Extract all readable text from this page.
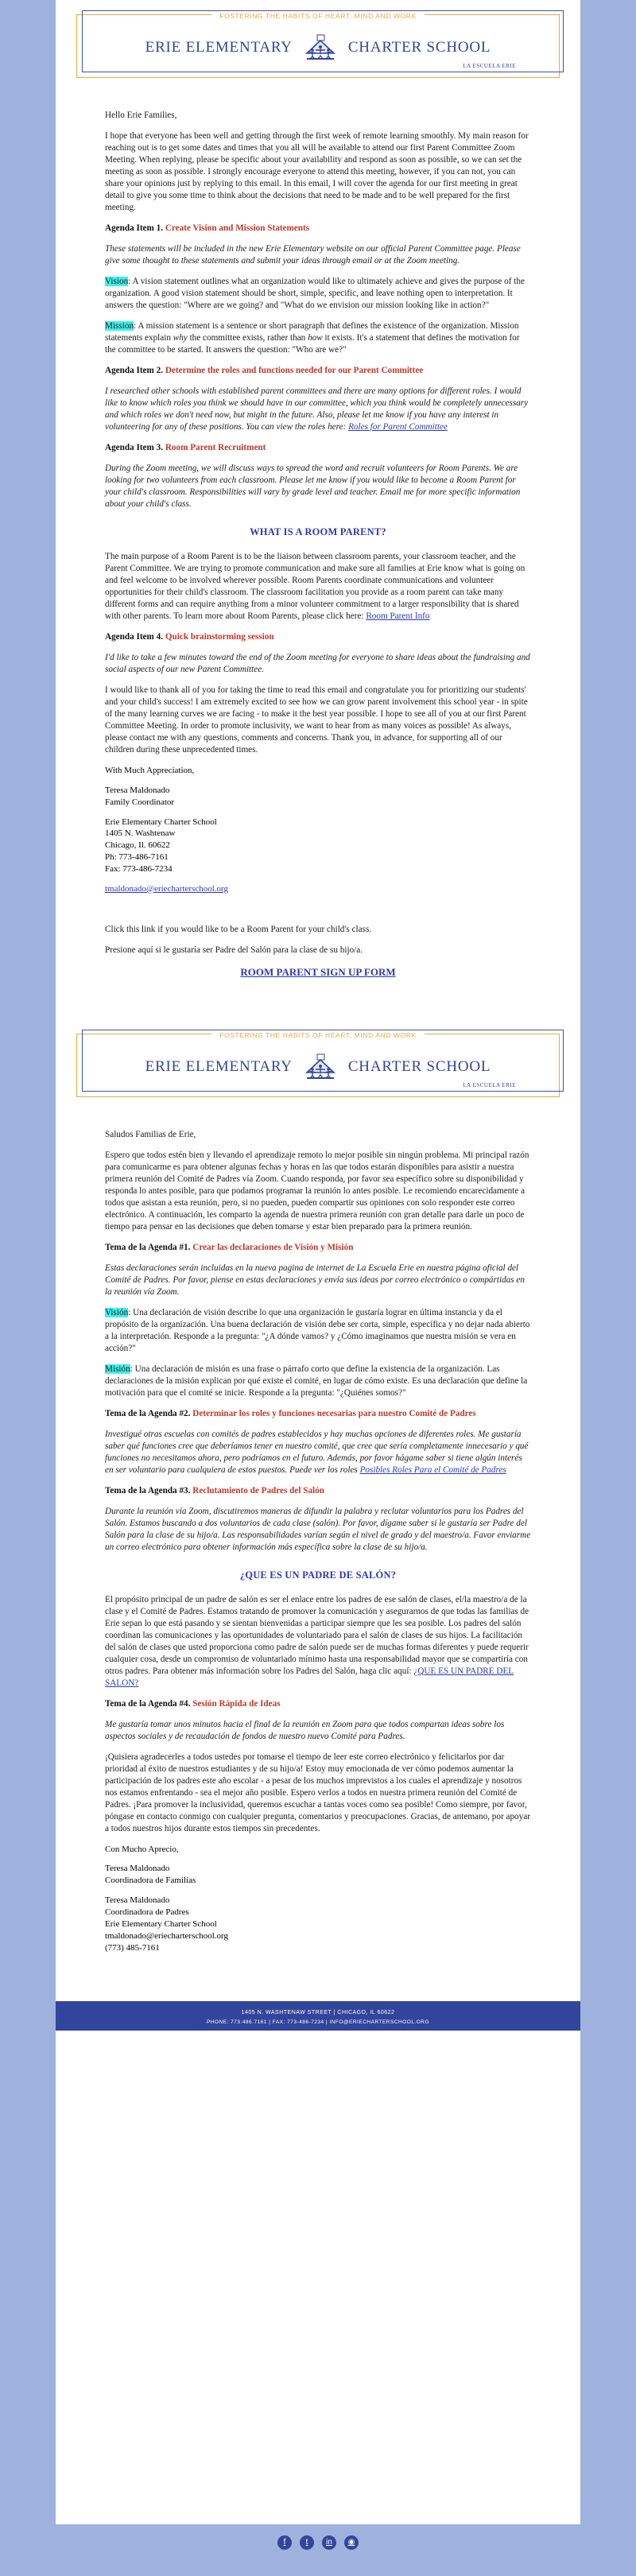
FOSTERING THE HABITS OF HEART, MIND AND WORK
ERIE ELEMENTARY	CHARTER SCHOOL
LA ESCUELA ERIE

Hello Erie Families,

I hope that everyone has been well and getting through the first week of remote learning smoothly. My main reason for reaching out is to get some dates and times that you all will be available to attend our first Parent Committee Zoom Meeting. When replying, please be specific about your availability and respond as soon as possible, so we can set the meeting as soon as possible. I strongly encourage everyone to attend this meeting, however, if you can not, you can share your opinions just by replying to this email. In this email, I will cover the agenda for our first meeting in great detail to give you some time to think about the decisions that need to be made and to be well prepared for the first meeting.

Agenda Item 1. Create Vision and Mission Statements

These statements will be included in the new Erie Elementary website on our official Parent Committee page. Please give some thought to these statements and submit your ideas through email or at the Zoom meeting.

Vision: A vision statement outlines what an organization would like to ultimately achieve and gives the purpose of the organization. A good vision statement should be short, simple, specific, and leave nothing open to interpretation. It answers the question: "Where are we going? and "What do we envision our mission looking like in action?"

Mission: A mission statement is a sentence or short paragraph that defines the existence of the organization. Mission statements explain why the committee exists, rather than how it exists. It's a statement that defines the motivation for the committee to be started. It answers the question: "Who are we?"

Agenda Item 2. Determine the roles and functions needed for our Parent Committee

I researched other schools with established parent committees and there are many options for different roles. I would like to know which roles you think we should have in our committee, which you think would be completely unnecessary and which roles we don't need now, but might in the future. Also, please let me know if you have any interest in volunteering for any of these positions. You can view the roles here: Roles for Parent Committee

Agenda Item 3. Room Parent Recruitment

During the Zoom meeting, we will discuss ways to spread the word and recruit volunteers for Room Parents. We are looking for two volunteers from each classroom. Please let me know if you would like to become a Room Parent for your child's classroom. Responsibilities will vary by grade level and teacher. Email me for more specific information about your child's class.

WHAT IS A ROOM PARENT?

The main purpose of a Room Parent is to be the liaison between classroom parents, your classroom teacher, and the Parent Committee. We are trying to promote communication and make sure all families at Erie know what is going on and feel welcome to be involved wherever possible. Room Parents coordinate communications and volunteer opportunities for their child's classroom. The classroom facilitation you provide as a room parent can take many different forms and can require anything from a minor volunteer commitment to a larger responsibility that is shared with other parents. To learn more about Room Parents, please click here: Room Parent Info

Agenda Item 4. Quick brainstorming session

I'd like to take a few minutes toward the end of the Zoom meeting for everyone to share ideas about the fundraising and social aspects of our new Parent Committee.

I would like to thank all of you for taking the time to read this email and congratulate you for prioritizing our students' and your child's success! I am extremely excited to see how we can grow parent involvement this school year - in spite of the many learning curves we are facing - to make it the best year possible. I hope to see all of you at our first Parent Committee Meeting. In order to promote inclusivity, we want to hear from as many voices as possible! As always, please contact me with any questions, comments and concerns. Thank you, in advance, for supporting all of our children during these unprecedented times.

With Much Appreciation,

Teresa Maldonado
Family Coordinator

Erie Elementary Charter School
1405 N. Washtenaw
Chicago, Il. 60622
Ph: 773-486-7161
Fax: 773-486-7234

tmaldonado@eriecharterschool.org

Click this link if you would like to be a Room Parent for your child's class.

Presione aquí si le gustaría ser Padre del Salón para la clase de su hijo/a.

ROOM PARENT SIGN UP FORM
FOSTERING THE HABITS OF HEART, MIND AND WORK
ERIE ELEMENTARY	CHARTER SCHOOL
LA ESCUELA ERIE

Saludos Familias de Erie,

Espero que todos estén bien y llevando el aprendizaje remoto lo mejor posible sin ningún problema. Mi principal razón para comunicarme es para obtener algunas fechas y horas en las que todos estarán disponibles para asistir a nuestra primera reunión del Comité de Padres vía Zoom. Cuando responda, por favor sea específico sobre su disponibilidad y responda lo antes posible, para que podamos programar la reunión lo antes posible. Le recomiendo encarecidamente a todos que asistan a esta reunión, pero, si no pueden, pueden compartir sus opiniones con solo responder este correo electrónico. A continuación, les comparto la agenda de nuestra primera reunión con gran detalle para darle un poco de tiempo para pensar en las decisiones que deben tomarse y estar bien preparado para la primera reunión.

Tema de la Agenda #1. Crear las declaraciones de Visión y Misión

Estas declaraciones serán incluidas en la nueva pagina de internet de La Escuela Erie en nuestra página oficial del Comité de Padres. Por favor, piense en estas declaraciones y envía sus ideas por correo electrónico o compártidas en la reunión vía Zoom.

Visión: Una declaración de visión describe lo que una organización le gustaría lograr en última instancia y da el propósito de la organización. Una buena declaración de visión debe ser corta, simple, específica y no dejar nada abierto a la interpretación. Responde a la pregunta: "¿A dónde vamos? y ¿Cómo imaginamos que nuestra misión se vera en acción?"

Misión: Una declaración de misión es una frase o párrafo corto que define la existencia de la organización. Las declaraciones de la misión explican por qué existe el comité, en lugar de cómo existe. Es una declaración que define la motivación para que el comité se inicie. Responde a la pregunta: "¿Quiénes somos?"

Tema de la Agenda #2. Determinar los roles y funciones necesarias para nuestro Comité de Padres

Investigué otras escuelas con comités de padres establecidos y hay muchas opciones de diferentes roles. Me gustaría saber qué funciones cree que deberíamos tener en nuestro comité, que cree que sería completamente innecesario y qué funciones no necesitamos ahora, pero podríamos en el futuro. Además, por favor hágame saber si tiene algún interés en ser voluntario para cualquiera de estos puestos. Puede ver los roles Posibles Roles Para el Comité de Padres

Tema de la Agenda #3. Reclutamiento de Padres del Salón

Durante la reunión vía Zoom, discutiremos maneras de difundir la palabra y reclutar voluntarios para los Padres del Salón. Estamos buscando a dos voluntarios de cada clase (salón). Por favor, dígame saber si le gustaría ser Padre del Salón para la clase de su hijo/a. Las responsabilidades varían según el nivel de grado y del maestro/a. Favor enviarme un correo electrónico para obtener información más específica sobre la clase de su hijo/a.

¿QUE ES UN PADRE DE SALÓN?

El propósito principal de un padre de salón es ser el enlace entre los padres de ese salón de clases, el/la maestro/a de la clase y el Comité de Padres. Estamos tratando de promover la comunicación y asegurarnos de que todas las familias de Erie sepan lo que está pasando y se sientan bienvenidas a participar siempre que les sea posible. Los padres del salón coordinan las comunicaciones y las oportunidades de voluntariado para el salón de clases de sus hijos. La facilitación del salón de clases que usted proporciona como padre de salón puede ser de muchas formas diferentes y puede requerir cualquier cosa, desde un compromiso de voluntariado mínimo hasta una responsabilidad mayor que se compartiría con otros padres. Para obtener más información sobre los Padres del Salón, haga clic aquí: ¿QUE ES UN PADRE DEL SALON?

Tema de la Agenda #4. Sesión Rápida de Ideas

Me gustaría tomar unos minutos hacia el final de la reunión en Zoom para que todos compartan ideas sobre los aspectos sociales y de recaudación de fondos de nuestro nuevo Comité para Padres.

¡Quisiera agradecerles a todos ustedes por tomarse el tiempo de leer este correo electrónico y felicitarlos por dar prioridad al éxito de nuestros estudiantes y de su hijo/a! Estoy muy emocionada de ver cómo podemos aumentar la participación de los padres este año escolar - a pesar de los muchos imprevistos a los cuales el aprendizaje y nosotros nos estamos enfrentando - sea el mejor año posible. Espero verlos a todos en nuestra primera reunión del Comité de Padres. ¡Para promover la inclusividad, queremos escuchar a tantas voces como sea posible! Como siempre, por favor, póngase en contacto conmigo con cualquier pregunta, comentarios y preocupaciones. Gracias, de antemano, por apoyar a todos nuestros hijos durante estos tiempos sin precedentes.

Con Mucho Aprecio,

Teresa Maldonado
Coordinadora de Familias

Teresa Maldonado
Coordinadora de Padres
Erie Elementary Charter School
tmaldonado@eriecharterschool.org
(773) 485-7161

1405 N. WASHTENAW STREET | CHICAGO, IL 60622
PHONE: 773.486.7161 | FAX: 773-486-7234 | INFO@ERIECHARTERSCHOOL.ORG
f	t in ◉
